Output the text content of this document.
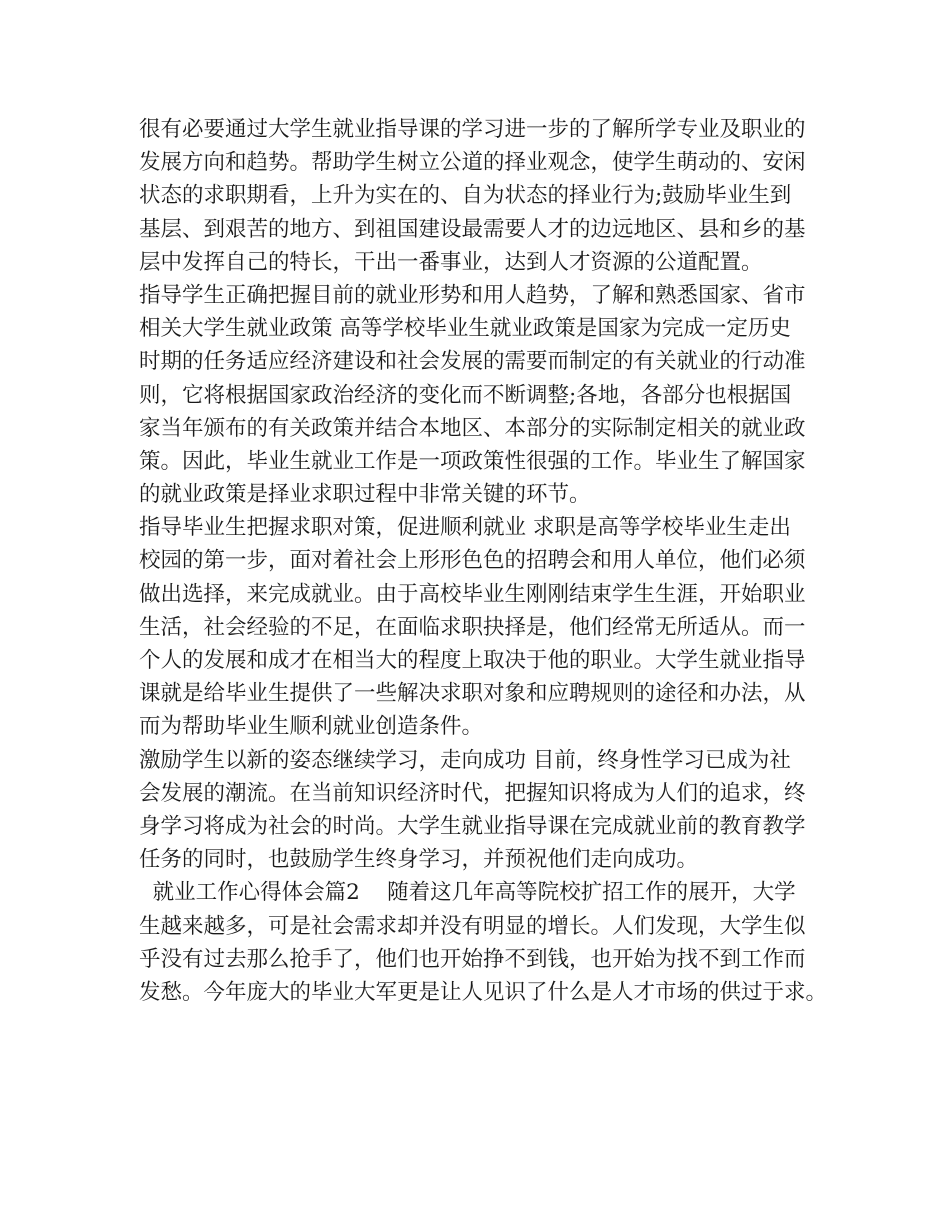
很有必要通过大学生就业指导课的学习进一步的了解所学专业及职业的
发展方向和趋势。帮助学生树立公道的择业观念，使学生萌动的、安闲
状态的求职期看，上升为实在的、自为状态的择业行为;鼓励毕业生到
基层、到艰苦的地方、到祖国建设最需要人才的边远地区、县和乡的基
层中发挥自己的特长，干出一番事业，达到人才资源的公道配置。
指导学生正确把握目前的就业形势和用人趋势，了解和熟悉国家、省市
相关大学生就业政策 高等学校毕业生就业政策是国家为完成一定历史
时期的任务适应经济建设和社会发展的需要而制定的有关就业的行动准
则，它将根据国家政治经济的变化而不断调整;各地，各部分也根据国
家当年颁布的有关政策并结合本地区、本部分的实际制定相关的就业政
策。因此，毕业生就业工作是一项政策性很强的工作。毕业生了解国家
的就业政策是择业求职过程中非常关键的环节。
指导毕业生把握求职对策，促进顺利就业 求职是高等学校毕业生走出
校园的第一步，面对着社会上形形色色的招聘会和用人单位，他们必须
做出选择，来完成就业。由于高校毕业生刚刚结束学生生涯，开始职业
生活，社会经验的不足，在面临求职抉择是，他们经常无所适从。而一
个人的发展和成才在相当大的程度上取决于他的职业。大学生就业指导
课就是给毕业生提供了一些解决求职对象和应聘规则的途径和办法，从
而为帮助毕业生顺利就业创造条件。
激励学生以新的姿态继续学习，走向成功 目前，终身性学习已成为社
会发展的潮流。在当前知识经济时代，把握知识将成为人们的追求，终
身学习将成为社会的时尚。大学生就业指导课在完成就业前的教育教学
任务的同时，也鼓励学生终身学习，并预祝他们走向成功。
就业工作心得体会篇2    随着这几年高等院校扩招工作的展开，大学
生越来越多，可是社会需求却并没有明显的增长。人们发现，大学生似
乎没有过去那么抢手了，他们也开始挣不到钱，也开始为找不到工作而
发愁。今年庞大的毕业大军更是让人见识了什么是人才市场的供过于求。
